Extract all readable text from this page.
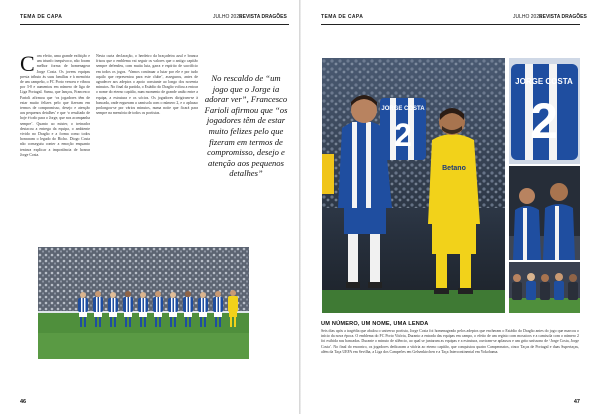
TEMA DE CAPA	JULHO 2025
REVISTA DRAGÕES
Com efeito, uma grande exibição e um triunfo inequívoco, não foram melhor forma de homenagear Jorge Costa. Os jovens equipas presta tributo às suas famílias e à memória de um campeão, o FC Porto venceu e vibrou por 3-0 e aumentou em número de liga de Liga Portugal. Samu, que lançou, Francesco Farioli afirmou que ‘os jogadores têm de estar muito felizes pelo que fizeram em termos de compromisso, desejo e atenção aos pequenos detalhes’ e que ‘o resultado de hoje é todo para o Jorge, que nos acompanha sempre’. Quanto ao mister, o treinador destacou a entrega da equipa, o ambiente vivido no Dragão e a forma como todos honraram o legado do Bicho. Diogo Costa não conseguiu conter a emoção enquanto tentava explicar a importância de honrar Jorge Costa.
Nesta curta declaração, o herdeiro da braçadeira azul e branca frisou que o emblema vai seguir os valores que o antigo capitão sempre defendeu, com muita luta, garra e espírito de sacrifício em todos os jogos. ‘Vamos continuar a lutar por ele e por tudo aquilo que representou para este clube’, assegurou, antes de agradecer aos adeptos o apoio constante ao longo dos noventa minutos. No final da partida, o Estádio do Dragão voltou a entoar o nome do eterno capitão, num momento de grande união entre a equipa, a estrutura e os sócios. Os jogadores dirigiram-se à bancada, onde ergueram a camisola com o número 2, e o aplauso prolongou-se por vários minutos, numa noite que ficará para sempre na memória de todos os portistas.
No rescaldo de “um jogo que o Jorge ia adorar ver”, Francesco Farioli afirmou que “os jogadores têm de estar muito felizes pelo que fizeram em termos de compromisso, desejo e atenção aos pequenos detalhes”
46
TEMA DE CAPA	JULHO 2025
REVISTA DRAGÕES
JORGE COSTA
2
Betano
JORGE COSTA
2
UM NÚMERO, UM NOME, UMA LENDA
Seis dias após a tragédia que abalou o universo portista, Jorge Costa foi homenageado pelos adeptos que encheram o Estádio do Dragão antes do jogo que marcou o início da nova época. O emblema do FC Porto Vitória, Duranto a entrada das equipas em campo, o efeito de um registo com mosaicos e a camisola com o número 2 foi exibida nas bancadas. Durante o minuto de silêncio, ao qual se juntaram as equipas e a estrutura, ouviram-se aplausos e um grito uníssono de ‘Jorge Costa, Jorge Costa’. No final do encontro, os jogadores dedicaram a vitória ao eterno capitão, que conquistou quatro Campeonatos, cinco Taças de Portugal e duas Supertaças, além da Taça UEFA em Sevilha, a Liga dos Campeões em Gelsenkirchen e a Taça Intercontinental em Yokohama.
47
